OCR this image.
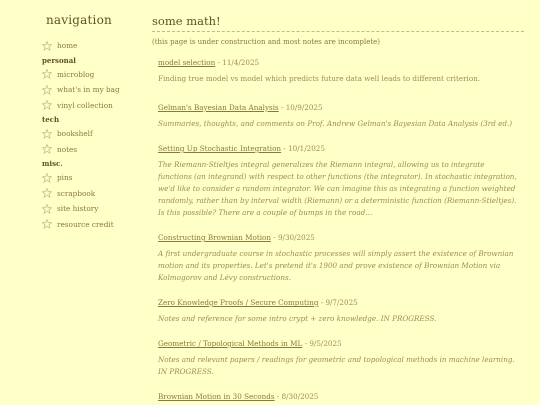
navigation
home
personal
microblog
what's in my bag
vinyl collection
tech
bookshelf
notes
misc.
pins
scrapbook
site history
resource credit
some math!
(this page is under construction and most notes are incomplete)
model selection - 11/4/2025
Finding true model vs model which predicts future data well leads to different criterion.
Gelman's Bayesian Data Analysis - 10/9/2025
Summaries, thoughts, and comments on Prof. Andrew Gelman's Bayesian Data Analysis (3rd ed.)
Setting Up Stochastic Integration - 10/1/2025
The Riemann-Stieltjes integral generalizes the Riemann integral, allowing us to integrate functions (an integrand) with respect to other functions (the integrator). In stochastic integration, we'd like to consider a random integrator. We can imagine this as integrating a function weighted randomly, rather than by interval width (Riemann) or a deterministic function (Riemann-Stieltjes). Is this possible? There are a couple of bumps in the road…
Constructing Brownian Motion - 9/30/2025
A first undergraduate course in stochastic processes will simply assert the existence of Brownian motion and its properties. Let's pretend it's 1900 and prove existence of Brownian Motion via Kolmogorov and Lévy constructions.
Zero Knowledge Proofs / Secure Computing - 9/7/2025
Notes and reference for some intro crypt + zero knowledge. IN PROGRESS.
Geometric / Topological Methods in ML - 9/5/2025
Notes and relevant papers / readings for geometric and topological methods in machine learning. IN PROGRESS.
Brownian Motion in 30 Seconds - 8/30/2025
